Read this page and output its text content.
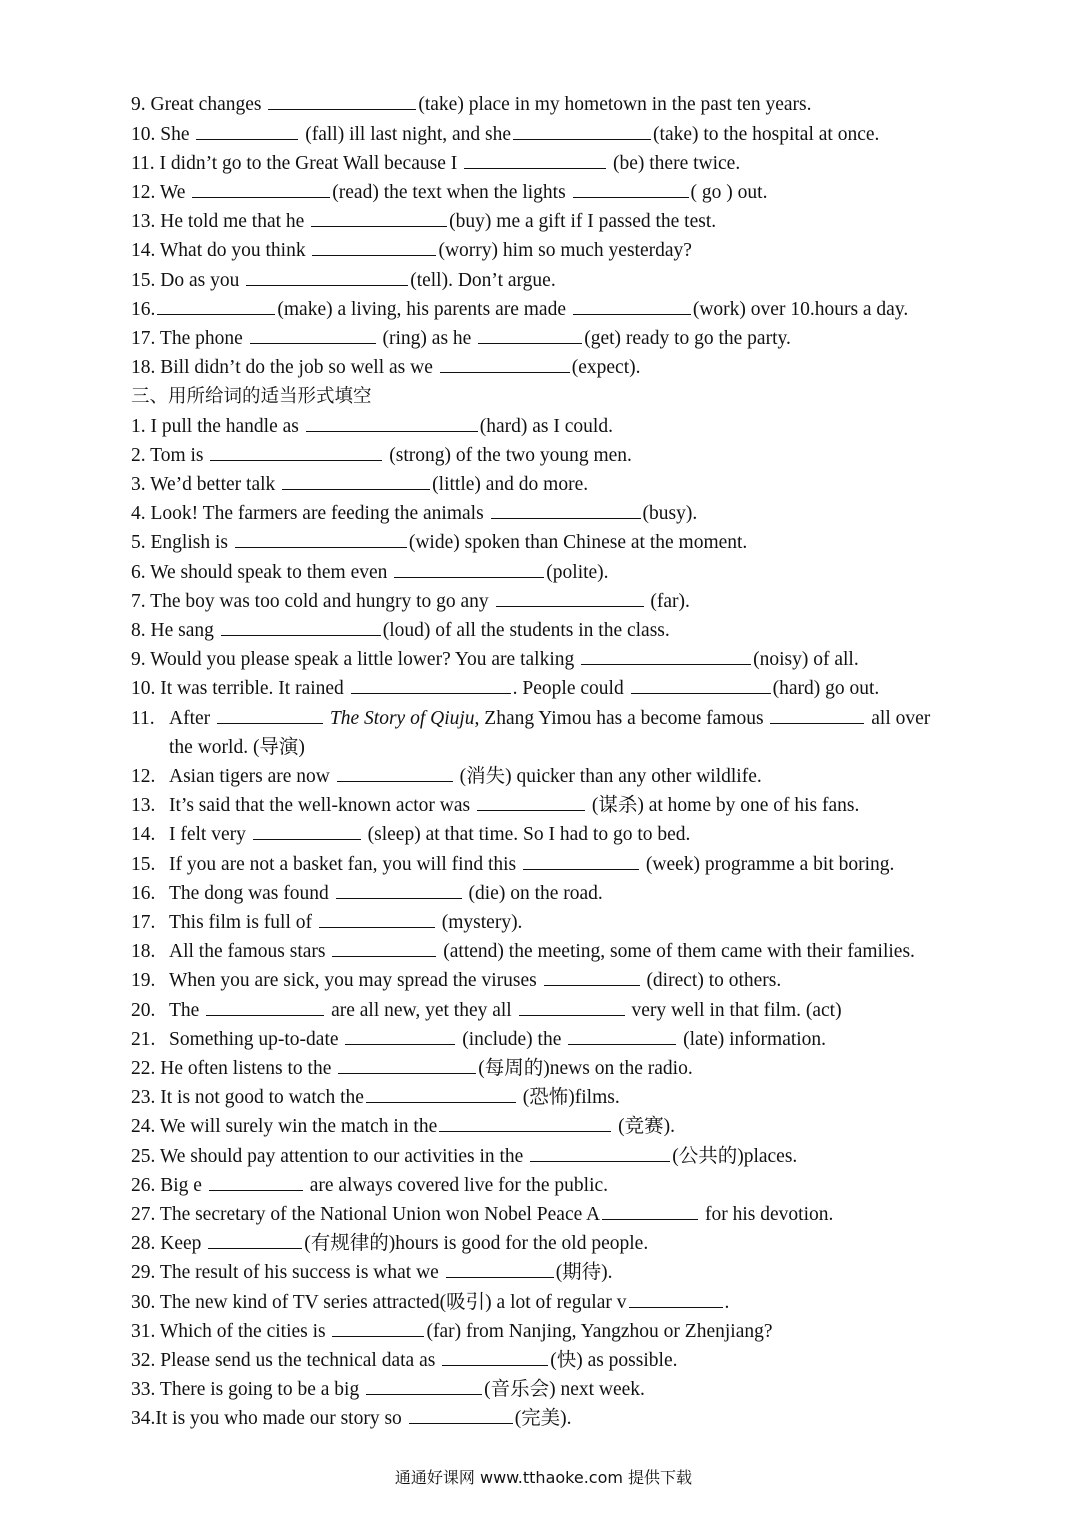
9. Great changes	(take) place in my hometown in the past ten years.
10. She	(fall) ill last night, and she	(take) to the hospital at once.
11. I didn’t go to the Great Wall because I	(be) there twice.
12. We	(read) the text when the lights	( go ) out.
13. He told me that he	(buy) me a gift if I passed the test.
14. What do you think	(worry) him so much yesterday?
15. Do as you	(tell). Don’t argue.
16.	(make) a living, his parents are made	(work) over 10.hours a day.
17. The phone	(ring) as he	(get) ready to go the party.
18. Bill didn’t do the job so well as we	(expect).
三、用所给词的适当形式填空
1. I pull the handle as	(hard) as I could.
2. Tom is	(strong) of the two young men.
3. We’d better talk	(little) and do more.
4. Look! The farmers are feeding the animals	(busy).
5. English is	(wide) spoken than Chinese at the moment.
6. We should speak to them even	(polite).
7. The boy was too cold and hungry to go any	(far).
8. He sang	(loud) of all the students in the class.
9. Would you please speak a little lower? You are talking	(noisy) of all.
10. It was terrible. It rained	. People could	(hard) go out.
11. After	The Story of Qiuju, Zhang Yimou has a become famous	all over
the world. (导演)
12. Asian tigers are now	(消失) quicker than any other wildlife.
13. It’s said that the well-known actor was	(谋杀) at home by one of his fans.
14. I felt very	(sleep) at that time. So I had to go to bed.
15. If you are not a basket fan, you will find this	(week) programme a bit boring.
16. The dong was found	(die) on the road.
17. This film is full of	(mystery).
18. All the famous stars	(attend) the meeting, some of them came with their families.
19. When you are sick, you may spread the viruses	(direct) to others.
20. The	are all new, yet they all	very well in that film. (act)
21. Something up-to-date	(include) the	(late) information.
22. He often listens to the	(每周的)news on the radio.
23. It is not good to watch the	(恐怖)films.
24. We will surely win the match in the	(竞赛).
25. We should pay attention to our activities in the	(公共的)places.
26. Big e	are always covered live for the public.
27. The secretary of the National Union won Nobel Peace A	for his devotion.
28. Keep	(有规律的)hours is good for the old people.
29. The result of his success is what we	(期待).
30. The new kind of TV series attracted(吸引) a lot of regular v	.
31. Which of the cities is	(far) from Nanjing, Yangzhou or Zhenjiang?
32. Please send us the technical data as	(快) as possible.
33. There is going to be a big	(音乐会) next week.
34.It is you who made our story so	(完美).
通通好课网 www.tthaoke.com 提供下载
